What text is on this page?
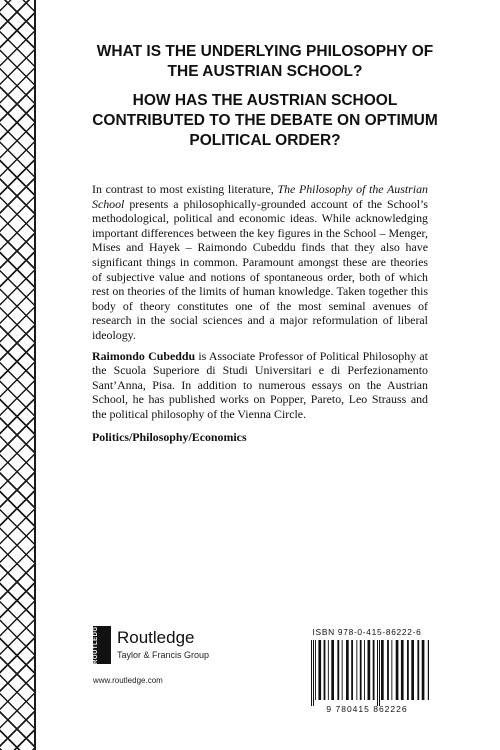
WHAT IS THE UNDERLYING PHILOSOPHY OF THE AUSTRIAN SCHOOL?

HOW HAS THE AUSTRIAN SCHOOL CONTRIBUTED TO THE DEBATE ON OPTIMUM POLITICAL ORDER?

In contrast to most existing literature, The Philosophy of the Austrian School presents a philosophically-grounded account of the School’s methodological, political and economic ideas. While acknowledging important differences between the key figures in the School – Menger, Mises and Hayek – Raimondo Cubeddu finds that they also have significant things in common. Paramount amongst these are theories of subjective value and notions of spontaneous order, both of which rest on theories of the limits of human knowledge. Taken together this body of theory constitutes one of the most seminal avenues of research in the social sciences and a major reformulation of liberal ideology.

Raimondo Cubeddu is Associate Professor of Political Philosophy at the Scuola Superiore di Studi Universitari e di Perfezionamento Sant’Anna, Pisa. In addition to numerous essays on the Austrian School, he has published works on Popper, Pareto, Leo Strauss and the political philosophy of the Vienna Circle.

Politics/Philosophy/Economics

ROUTLEDGE	Routledge
Taylor & Francis Group
www.routledge.com
ISBN 978-0-415-86222-6
9 780415 862226
